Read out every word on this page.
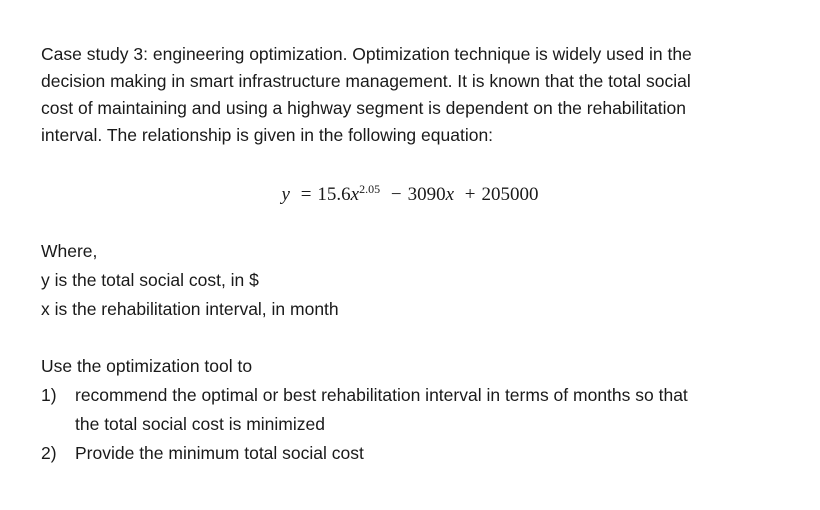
Case study 3: engineering optimization. Optimization technique is widely used in the
decision making in smart infrastructure management. It is known that the total social
cost of maintaining and using a highway segment is dependent on the rehabilitation
interval. The relationship is given in the following equation:

$y = 15.6x^{2.05} - 3090x + 205000$
Where,
y is the total social cost, in $
x is the rehabilitation interval, in month
Use the optimization tool to
1) recommend the optimal or best rehabilitation interval in terms of months so that
the total social cost is minimized
2) Provide the minimum total social cost
